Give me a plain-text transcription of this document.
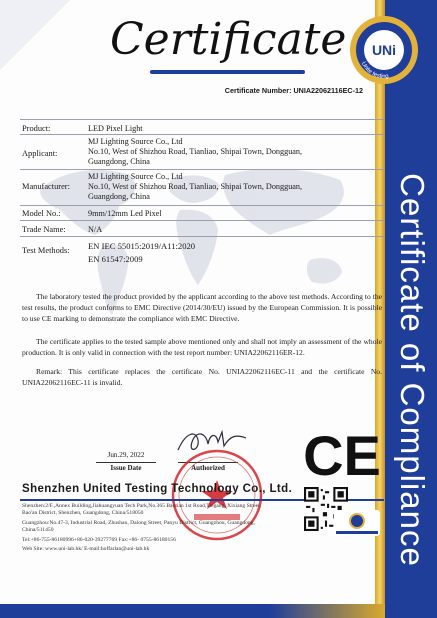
Certificate of Compliance
Certificate UNi
Unite testing
Certificate Number: UNIA22062116EC-12
Product:	LED Pixel Light
Applicant:
MJ Lighting Source Co., Ltd
No.10, West of Shizhou Road, Tianliao, Shipai Town, Dongguan,
Guangdong, China
Manufacturer:
MJ Lighting Source Co., Ltd
No.10, West of Shizhou Road, Tianliao, Shipai Town, Dongguan,
Guangdong, China
Model No.:	9mm/12mm Led Pixel
Trade Name:	N/A
Test Methods: EN IEC 55015:2019/A11:2020
EN 61547:2009
The laboratory tested the product provided by the applicant according to the above test methods. According to the test results, the product conforms to EMC Directive (2014/30/EU) issued by the European Commission. It is possible to use CE marking to demonstrate the compliance with EMC Directive.
The certificate applies to the tested sample above mentioned only and shall not imply an assessment of the whole production. It is only valid in connection with the test report number: UNIA22062116ER-12.
Remark: This certificate replaces the certificate No. UNIA22062116EC-11 and the certificate No. UNIA22062116EC-11 is invalid.
Jun.29, 2022
Issue Date	Authorized CE
Shenzhen United Testing Technology Co., Ltd.
Shenzhen:2/F.,Annex Building,Jiahuangyuan Tech Park,No.365 Baotian 1st Road,Tiegang, Xixiang Street,
Bao'an District, Shenzhen, Guangdong, China/518050
Guangzhou:No.47-3, Industrial Road, Zhushan, Dalong Street, Panyu District, Guangzhou, Guangdong,
China/511450
Tel:+86-755-86180996+86-020-39277769 Fax:+86- 0755-86180156
Web Site: www.uni-lab.hk/ E-mail:hoffarlan@uni-lab.hk
